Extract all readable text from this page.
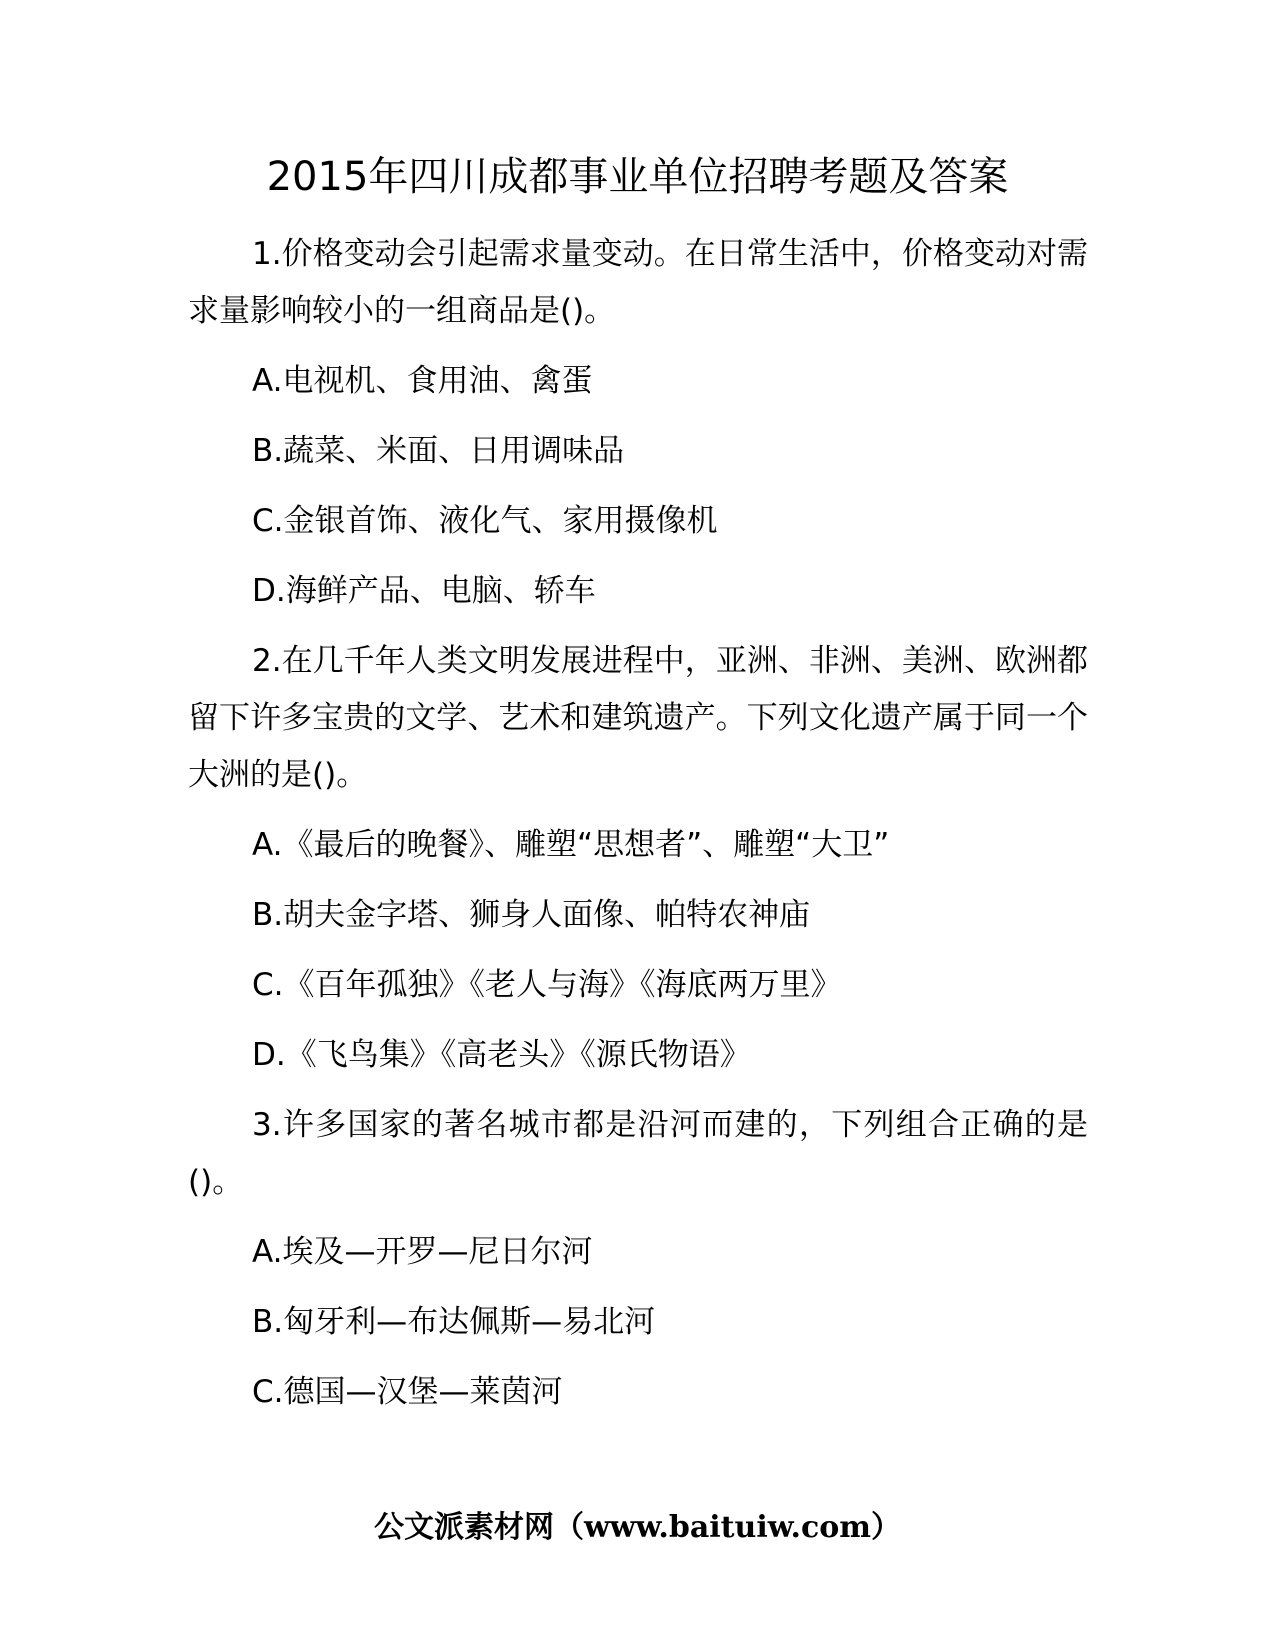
2015年四川成都事业单位招聘考题及答案

1.价格变动会引起需求量变动。在日常生活中，价格变动对需求量影响较小的一组商品是()。

A.电视机、食用油、禽蛋

B.蔬菜、米面、日用调味品

C.金银首饰、液化气、家用摄像机

D.海鲜产品、电脑、轿车

2.在几千年人类文明发展进程中，亚洲、非洲、美洲、欧洲都留下许多宝贵的文学、艺术和建筑遗产。下列文化遗产属于同一个大洲的是()。

A.《最后的晚餐》、雕塑“思想者”、雕塑“大卫”

B.胡夫金字塔、狮身人面像、帕特农神庙

C.《百年孤独》《老人与海》《海底两万里》

D.《飞鸟集》《高老头》《源氏物语》

3.许多国家的著名城市都是沿河而建的，下列组合正确的是()。

A.埃及—开罗—尼日尔河

B.匈牙利—布达佩斯—易北河

C.德国—汉堡—莱茵河

公文派素材网（www.baituiw.com）
